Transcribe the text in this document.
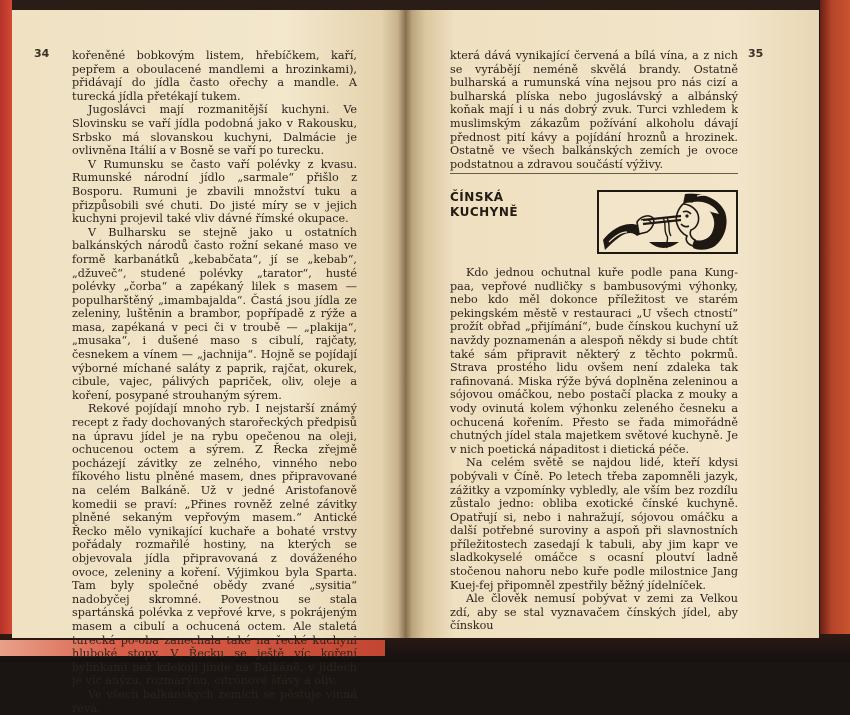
34	35

kořeněné bobkovým listem, hřebíčkem, kaří, pepřem a oboulacené mandlemi a hrozinkami), přidávají do jídla často ořechy a mandle. A turecká jídla přetékají tukem.

Jugoslávci mají rozmanitější kuchyni. Ve Slovinsku se vaří jídla podobná jako v Rakousku, Srbsko má slovanskou kuchyni, Dalmácie je ovlivněna Itálií a v Bosně se vaří po turecku.

V Rumunsku se často vaří polévky z kvasu. Rumunské národní jídlo „sarmale“ přišlo z Bosporu. Rumuni je zbavili množství tuku a přizpůsobili své chuti. Do jisté míry se v jejich kuchyni projevil také vliv dávné římské okupace.

V Bulharsku se stejně jako u ostatních balkánských národů často rožní sekané maso ve formě karbanátků „kebabčata“, jí se „kebab“, „džuveč“, studené polévky „tarator“, husté polévky „čorba“ a zapékaný lilek s masem — populharštěný „imambajalda“. Častá jsou jídla ze zeleniny, luštěnin a brambor, popřípadě z rýže a masa, zapékaná v peci či v troubě — „plakija“, „musaka“, i dušené maso s cibulí, rajčaty, česnekem a vínem — „jachnija“. Hojně se pojídají výborné míchané saláty z paprik, rajčat, okurek, cibule, vajec, pálivých papriček, oliv, oleje a koření, posypané strouhaným sýrem.

Rekové pojídají mnoho ryb. I nejstarší známý recept z řady dochovaných starořeckých předpisů na úpravu jídel je na rybu opečenou na oleji, ochucenou octem a sýrem. Z Řecka zřejmě pocházejí závitky ze zelného, vinného nebo fíkového listu plněné masem, dnes připravované na celém Balkáně. Už v jedné Aristofanově komedii se praví: „Přines rovněž zelné závitky plněné sekaným vepřovým masem.“ Antické Řecko mělo vynikající kuchaře a bohaté vrstvy pořádaly rozmařilé hostiny, na kterých se objevovala jídla připravovaná z dováženého ovoce, zeleniny a koření. Výjimkou byla Sparta. Tam byly společné obědy zvané „sysitia“ nadobyčej skromné. Povestnou se stala spartánská polévka z vepřové krve, s pokrájeným masem a cibulí a ochucená octem. Ale staletá turecká po‑oba zanechala také na řecké kuchyni hluboké stopy. V Řecku se ještě víc koření bylinkami než kdekoli jinde na Balkáně, v jídlech je víc anýzu, rozmarýnu, citrónové šťávy a oliv.

Ve všech balkánských zemích se pěstuje vinná réva,

která dává vynikající červená a bílá vína, a z nich se vyrábějí neméně skvělá brandy. Ostatně bulharská a rumunská vína nejsou pro nás cizí a bulharská plíska nebo jugoslávský a albánský koňak mají i u nás dobrý zvuk. Turci vzhledem k muslimským zákazům požívání alkoholu dávají přednost pití kávy a pojídání hroznů a hrozinek. Ostatně ve všech balkánských zemích je ovoce podstatnou a zdravou součástí výživy.

ČÍNSKÁ
KUCHYNĚ

Kdo jednou ochutnal kuře podle pana Kung-paa, vepřové nudličky s bambusovými výhonky, nebo kdo měl dokonce příležitost ve starém pekingském městě v restauraci „U všech ctností“ prožít obřad „přijímání“, bude čínskou kuchyní už navždy poznamenán a alespoň někdy si bude chtít také sám připravit některý z těchto pokrmů. Strava prostého lidu ovšem není zdaleka tak rafinovaná. Miska rýže bývá doplněna zeleninou a sójovou omáčkou, nebo postačí placka z mouky a vody ovinutá kolem výhonku zeleného česneku a ochucená kořením. Přesto se řada mimořádně chutných jídel stala majetkem světové kuchyně. Je v nich poetická nápaditost i dietická péče.

Na celém světě se najdou lidé, kteří kdysi pobývali v Číně. Po letech třeba zapomněli jazyk, zážitky a vzpomínky vybledly, ale vším bez rozdílu zůstalo jedno: obliba exotické čínské kuchyně. Opatřují si, nebo i nahražují, sójovou omáčku a další potřebné suroviny a aspoň při slavnostních příležitostech zasedají k tabuli, aby jim kapr ve sladkokyselé omáčce s ocasní ploutví ladně stočenou nahoru nebo kuře podle milostnice Jang Kuej-fej připomněl zpestřily běžný jídelníček.

Ale člověk nemusí pobývat v zemi za Velkou zdí, aby se stal vyznavačem čínských jídel, aby čínskou
